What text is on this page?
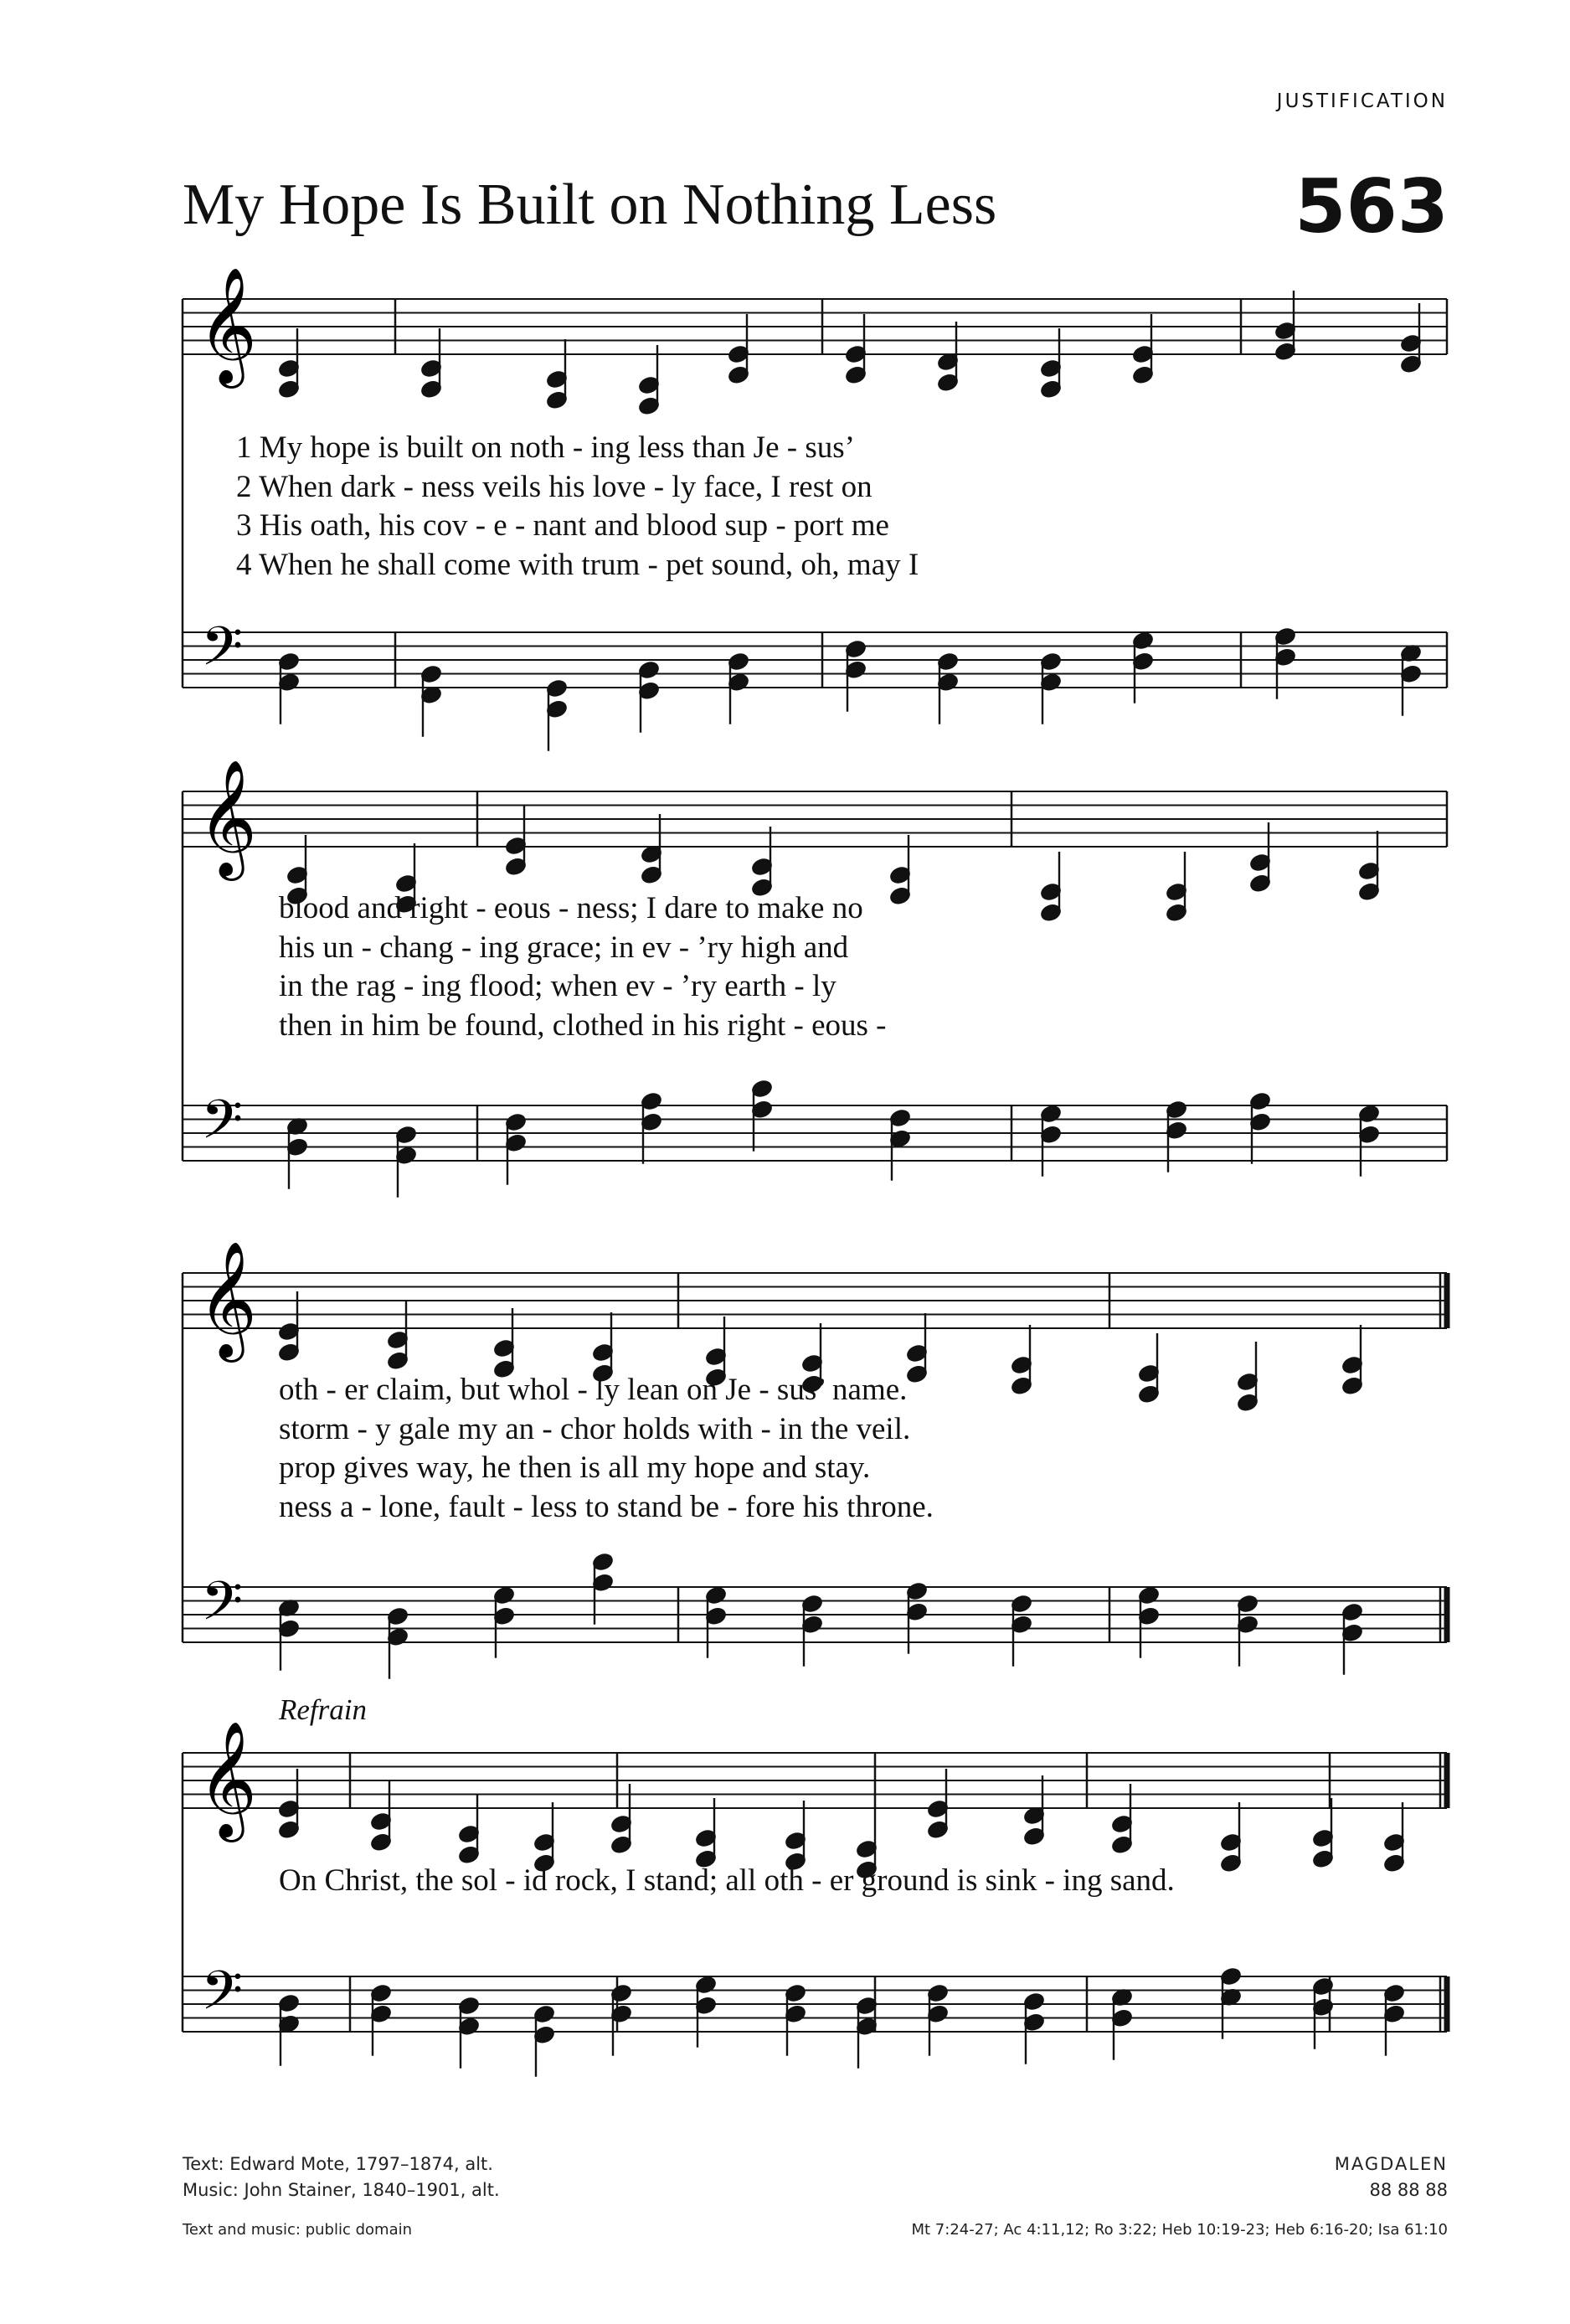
JUSTIFICATION
My Hope Is Built on Nothing Less	563
𝄞
𝄢
𝄞
𝄢
𝄞
𝄢
𝄞
𝄢
1 My hope is built on noth - ing less than Je - sus’
2 When dark - ness veils his love - ly face, I rest on
3 His oath, his cov - e - nant and blood sup - port me
4 When he shall come with trum - pet sound, oh, may I
blood and right - eous - ness; I dare to make no
his un - chang - ing grace; in ev - ’ry high and
in the rag - ing flood; when ev - ’ry earth - ly
then in him be found, clothed in his right - eous -
oth - er claim, but whol - ly lean on Je - sus’ name.
storm - y gale my an - chor holds with - in the veil.
prop gives way, he then is all my hope and stay.
ness a - lone, fault - less to stand be - fore his throne.
Refrain
On Christ, the sol - id rock, I stand; all oth - er ground is sink - ing sand.
Text: Edward Mote, 1797–1874, alt.
Music: John Stainer, 1840–1901, alt.
Text and music: public domain
MAGDALEN
88 88 88
Mt 7:24-27; Ac 4:11,12; Ro 3:22; Heb 10:19-23; Heb 6:16-20; Isa 61:10
